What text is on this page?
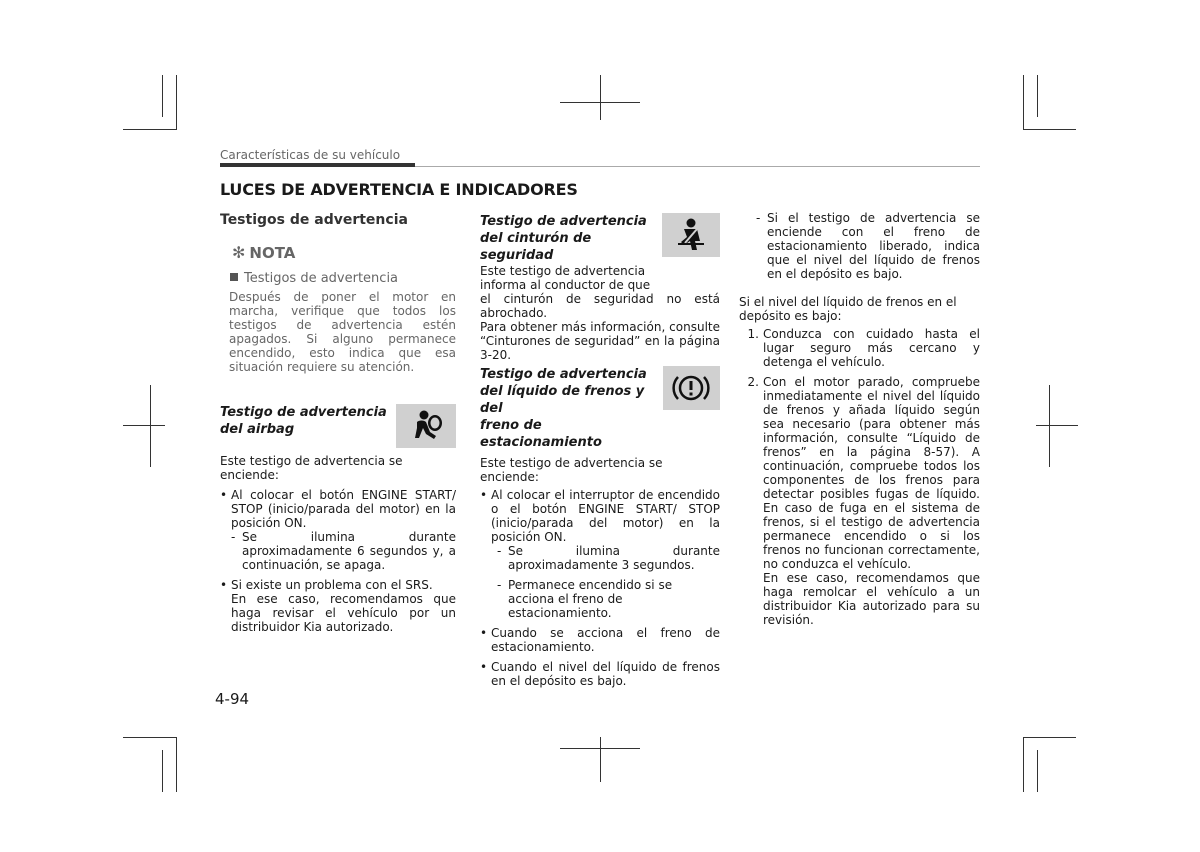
Características de su vehículo
LUCES DE ADVERTENCIA E INDICADORES

Testigos de advertencia

✻ NOTA

Testigos de advertencia

Después de poner el motor en marcha, verifique que todos los testigos de advertencia estén apagados. Si alguno permanece encendido, esto indica que esa situación requiere su atención.

Testigo de advertencia

del airbag

Este testigo de advertencia se enciende:

• Al colocar el botón ENGINE START/ STOP (inicio/parada del motor) en la posición ON.
- Se ilumina durante aproximadamente 6 segundos y, a continuación, se apaga.
• Si existe un problema con el SRS.
En ese caso, recomendamos que haga revisar el vehículo por un distribuidor Kia autorizado.

Testigo de advertencia

del cinturón de seguridad

Este testigo de advertencia informa al conductor de que

el cinturón de seguridad no está abrochado.

Para obtener más información, consulte “Cinturones de seguridad” en la página 3-20.

Testigo de advertencia

del líquido de frenos y del

freno de

estacionamiento

Este testigo de advertencia se enciende:

• Al colocar el interruptor de encendido o el botón ENGINE START/ STOP (inicio/parada del motor) en la posición ON.
- Se ilumina durante aproximadamente 3 segundos.
- Permanece encendido si se acciona el freno de estacionamiento.
• Cuando se acciona el freno de estacionamiento.
• Cuando el nivel del líquido de frenos en el depósito es bajo.
- Si el testigo de advertencia se enciende con el freno de estacionamiento liberado, indica que el nivel del líquido de frenos en el depósito es bajo.

Si el nivel del líquido de frenos en el depósito es bajo:

1. Conduzca con cuidado hasta el lugar seguro más cercano y detenga el vehículo.
2. Con el motor parado, compruebe inmediatamente el nivel del líquido de frenos y añada líquido según sea necesario (para obtener más información, consulte “Líquido de frenos” en la página 8-57). A continuación, compruebe todos los componentes de los frenos para detectar posibles fugas de líquido. En caso de fuga en el sistema de frenos, si el testigo de advertencia permanece encendido o si los frenos no funcionan correctamente, no conduzca el vehículo.
En ese caso, recomendamos que haga remolcar el vehículo a un distribuidor Kia autorizado para su revisión.
4-94
